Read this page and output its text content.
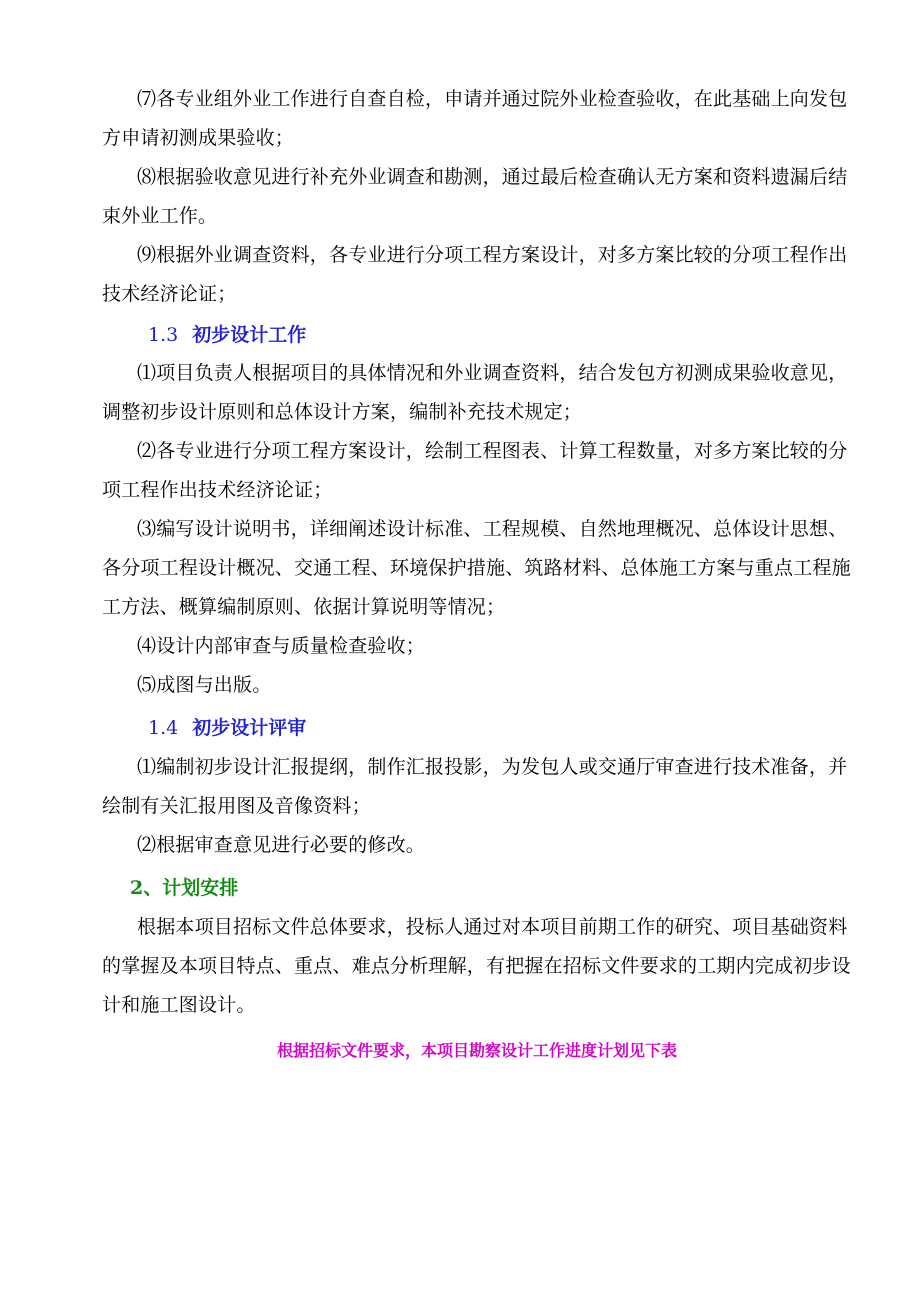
⑺各专业组外业工作进行自查自检，申请并通过院外业检查验收，在此基础上向发包方申请初测成果验收；

⑻根据验收意见进行补充外业调查和勘测，通过最后检查确认无方案和资料遗漏后结束外业工作。

⑼根据外业调查资料，各专业进行分项工程方案设计，对多方案比较的分项工程作出技术经济论证；

1.3 初步设计工作

⑴项目负责人根据项目的具体情况和外业调查资料，结合发包方初测成果验收意见，调整初步设计原则和总体设计方案，编制补充技术规定；

⑵各专业进行分项工程方案设计，绘制工程图表、计算工程数量，对多方案比较的分项工程作出技术经济论证；

⑶编写设计说明书，详细阐述设计标准、工程规模、自然地理概况、总体设计思想、各分项工程设计概况、交通工程、环境保护措施、筑路材料、总体施工方案与重点工程施工方法、概算编制原则、依据计算说明等情况；

⑷设计内部审查与质量检查验收；

⑸成图与出版。

1.4 初步设计评审

⑴编制初步设计汇报提纲，制作汇报投影，为发包人或交通厅审查进行技术准备，并绘制有关汇报用图及音像资料；

⑵根据审查意见进行必要的修改。

2、计划安排

根据本项目招标文件总体要求，投标人通过对本项目前期工作的研究、项目基础资料的掌握及本项目特点、重点、难点分析理解，有把握在招标文件要求的工期内完成初步设计和施工图设计。

根据招标文件要求，本项目勘察设计工作进度计划见下表
